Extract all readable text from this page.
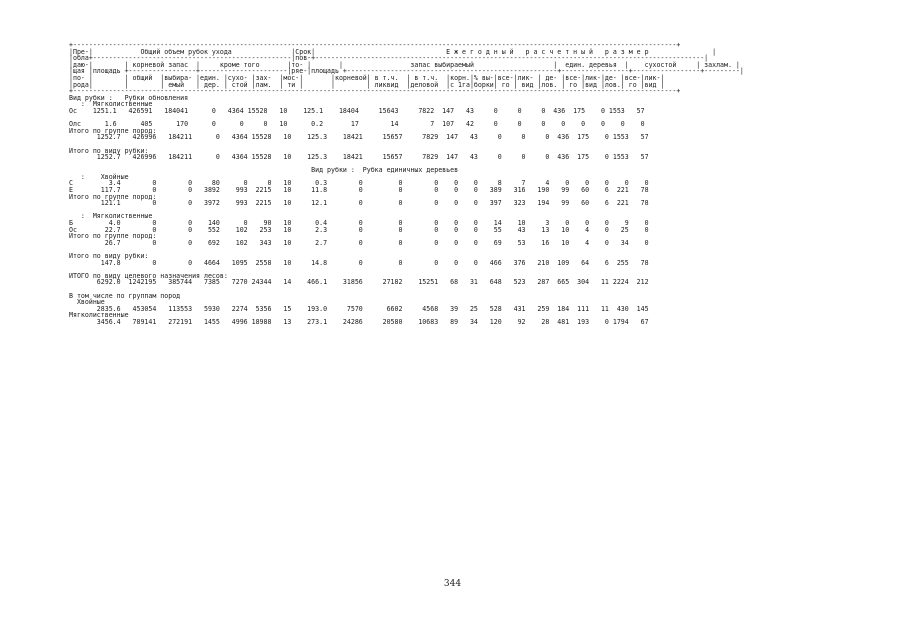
+--------------------------------------------------------------------------------------------------------------------------------------------------------+
|Пре-|            Общий объем рубок ухода               |Срок|                                 Е ж е г о д н ы й   р а с ч е т н ы й   р а з м е р                |
|обла+--------------------------------------------------|пов-+--------------------------------------------------------------------------------------------------|
|даю-|        | корневой запас  |     кроме того       |то- |       |                 запас выбираемый                    |  един. деревья  |    сухостой     | захлам. |
|щая |площадь +-----------------+----------------------|ряе-|площадь +-----------------------------------------------------+-----------------+-----------------+---------|
|по- |        | общий  |выбира- |един. |сухо- |зах-  |мос-|       |корневой| в т.ч.  | в т.ч.  |корн.|% вы-|все-|лик- | де- |все-|лик-|де- |все-|лик-|
|рода|        |        | емый   | дер. | стой |лам.  | ти |       |        | ликвид  |деловой  |с 1га|борки| го | вид |лов. | го |вид |лов.| го |вид |
+--------------------------------------------------------------------------------------------------------------------------------------------------------+
Вид рубки :   Рубки обновления
:  Мягколиственные
Ос    1251.1   426591   184041      0   4364 15528   10    125.1    18404     15643     7822  147   43     0     0     0  436  175    0 1553   57

Олс      1.6      405      170      0      0     0   10      0.2       17        14        7  107   42     0     0     0    0    0    0    0    0
Итого по группе пород:
1252.7   426996   184211      0   4364 15528   10    125.3    18421     15657     7829  147   43     0     0     0  436  175    0 1553   57

Итого по виду рубки:
1252.7   426996   184211      0   4364 15528   10    125.3    18421     15657     7829  147   43     0     0     0  436  175    0 1553   57

Вид рубки :  Рубка единичных деревьев
:    Хвойные
С         3.4        0        0     80      0     0   10      0.3        0         0        0    0    0     8     7     4    0    0    0    0    0
Е       117.7        0        0   3892    993  2215   10     11.8        0         0        0    0    0   389   316   190   99   60    6  221   78
Итого по группе пород:
121.1        0        0   3972    993  2215   10     12.1        0         0        0    0    0   397   323   194   99   60    6  221   78

:  Мягколиственные
Б         4.0        0        0    140      0    90   10      0.4        0         0        0    0    0    14    10     3    0    0    0    9    0
Ос       22.7        0        0    552    102   253   10      2.3        0         0        0    0    0    55    43    13   10    4    0   25    0
Итого по группе пород:
26.7        0        0    692    102   343   10      2.7        0         0        0    0    0    69    53    16   10    4    0   34    0

Итого по виду рубки:
147.8        0        0   4664   1095  2558   10     14.8        0         0        0    0    0   466   376   210  109   64    6  255   78

ИТОГО по виду целевого назначения лесов:
6292.0  1242195   385744   7385   7270 24344   14    466.1    31856     27182    15251   68   31   648   523   287  665  304   11 2224  212

В том числе по группам пород
Хвойные
2835.6   453054   113553   5930   2274  5356   15    193.0     7570      6602     4568   39   25   528   431   259  184  111   11  430  145
Мягколиственные
3456.4   789141   272191   1455   4996 18988   13    273.1    24286     20580    10683   89   34   120    92    28  481  193    0 1794   67

344
